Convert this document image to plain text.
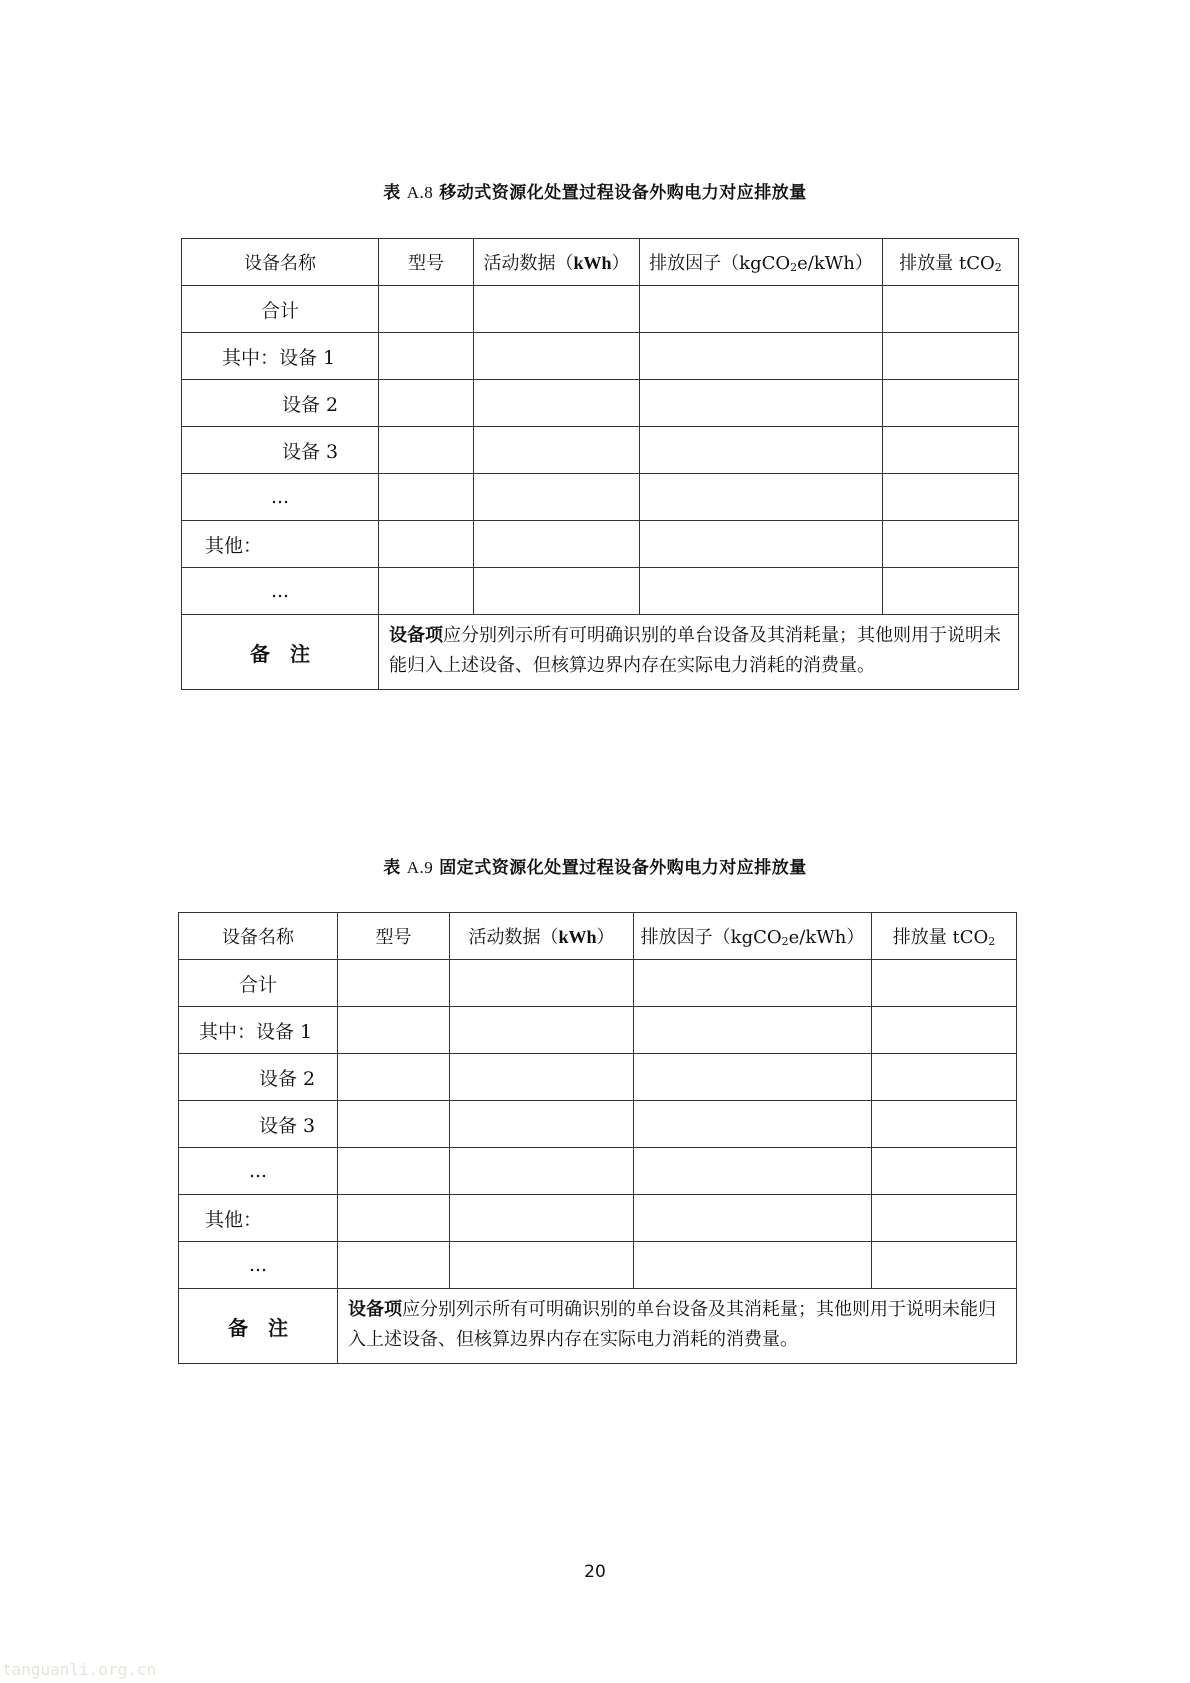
表 A.8 移动式资源化处置过程设备外购电力对应排放量
设备名称	型号	活动数据（kWh）	排放因子（kgCO$_2$e/kWh）	排放量 tCO$_2$
合计				
其中：设备 1				
设备 2				
设备 3				
...				
其他：				
...				
备　注	设备项应分别列示所有可明确识别的单台设备及其消耗量；其他则用于说明未能归入上述设备、但核算边界内存在实际电力消耗的消费量。			
表 A.9 固定式资源化处置过程设备外购电力对应排放量
设备名称	型号	活动数据（kWh）	排放因子（kgCO$_2$e/kWh）	排放量 tCO$_2$
合计				
其中：设备 1				
设备 2				
设备 3				
...				
其他：				
...				
备　注	设备项应分别列示所有可明确识别的单台设备及其消耗量；其他则用于说明未能归入上述设备、但核算边界内存在实际电力消耗的消费量。			
20
tanguanli.org.cn
